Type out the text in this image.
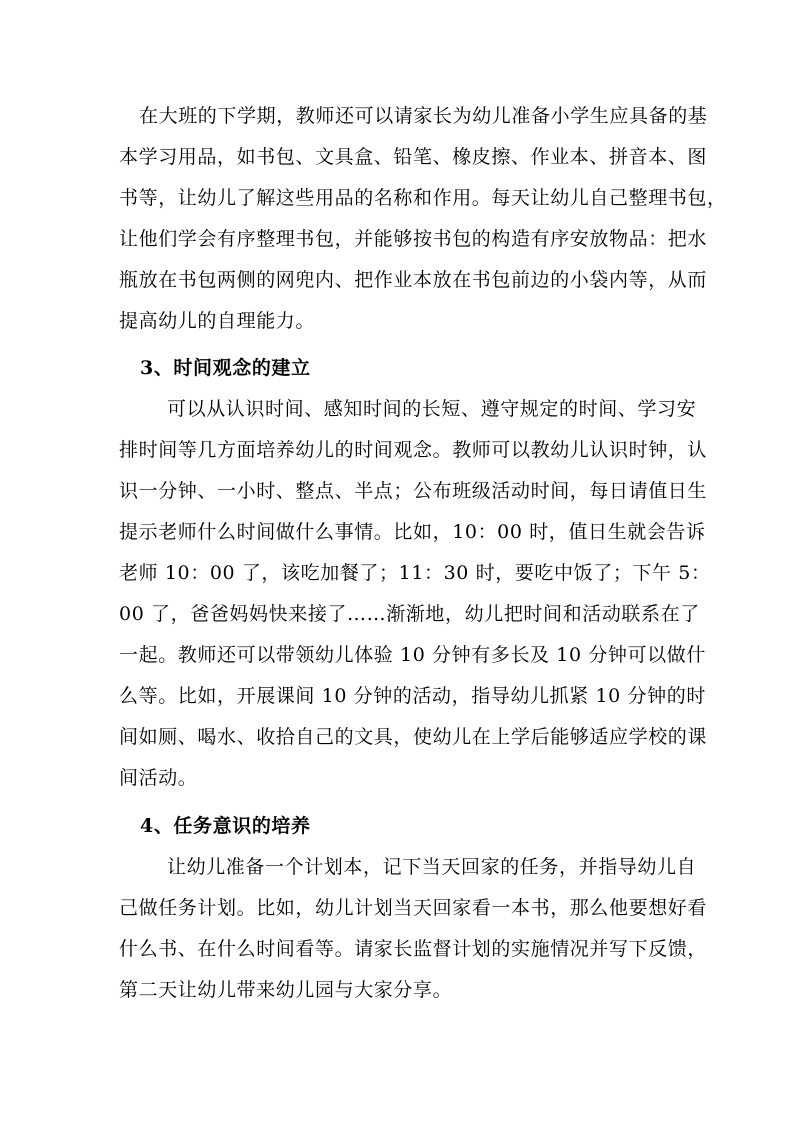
在大班的下学期，教师还可以请家长为幼儿准备小学生应具备的基
本学习用品，如书包、文具盒、铅笔、橡皮擦、作业本、拼音本、图
书等，让幼儿了解这些用品的名称和作用。每天让幼儿自己整理书包，
让他们学会有序整理书包，并能够按书包的构造有序安放物品：把水
瓶放在书包两侧的网兜内、把作业本放在书包前边的小袋内等，从而
提高幼儿的自理能力。

3、时间观念的建立

可以从认识时间、感知时间的长短、遵守规定的时间、学习安
排时间等几方面培养幼儿的时间观念。教师可以教幼儿认识时钟，认
识一分钟、一小时、整点、半点；公布班级活动时间，每日请值日生
提示老师什么时间做什么事情。比如，10：00 时，值日生就会告诉
老师 10：00 了，该吃加餐了；11：30 时，要吃中饭了；下午 5：
00 了，爸爸妈妈快来接了……渐渐地，幼儿把时间和活动联系在了
一起。教师还可以带领幼儿体验 10 分钟有多长及 10 分钟可以做什
么等。比如，开展课间 10 分钟的活动，指导幼儿抓紧 10 分钟的时
间如厕、喝水、收拾自己的文具，使幼儿在上学后能够适应学校的课
间活动。

4、任务意识的培养

让幼儿准备一个计划本，记下当天回家的任务，并指导幼儿自
己做任务计划。比如，幼儿计划当天回家看一本书，那么他要想好看
什么书、在什么时间看等。请家长监督计划的实施情况并写下反馈，
第二天让幼儿带来幼儿园与大家分享。
